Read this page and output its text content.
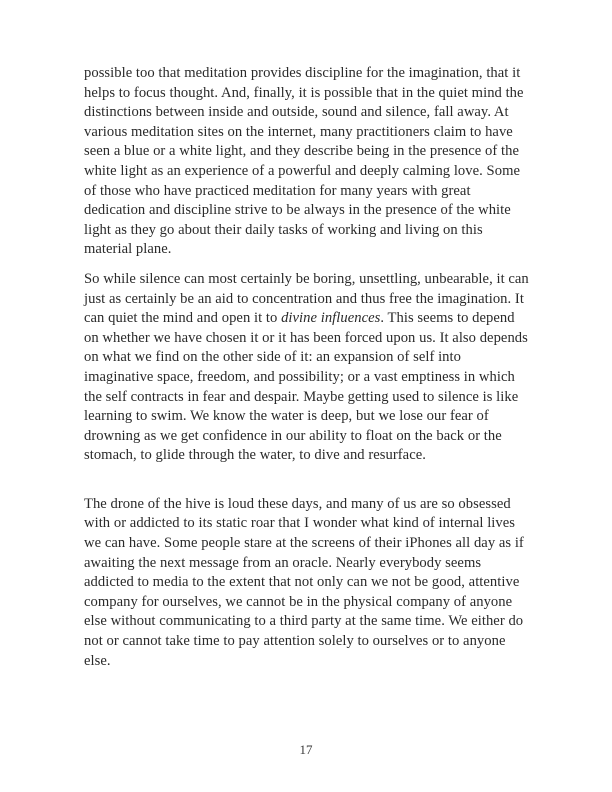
possible too that meditation provides discipline for the imagination, that it helps to focus thought. And, finally, it is possible that in the quiet mind the distinctions between inside and outside, sound and silence, fall away. At various meditation sites on the internet, many practitioners claim to have seen a blue or a white light, and they describe being in the presence of the white light as an experience of a powerful and deeply calming love. Some of those who have practiced meditation for many years with great dedication and discipline strive to be always in the presence of the white light as they go about their daily tasks of working and living on this material plane.

So while silence can most certainly be boring, unsettling, unbearable, it can just as certainly be an aid to concentration and thus free the imagination. It can quiet the mind and open it to divine influences. This seems to depend on whether we have chosen it or it has been forced upon us. It also depends on what we find on the other side of it: an expansion of self into imaginative space, freedom, and possibility; or a vast emptiness in which the self contracts in fear and despair. Maybe getting used to silence is like learning to swim. We know the water is deep, but we lose our fear of drowning as we get confidence in our ability to float on the back or the stomach, to glide through the water, to dive and resurface.

The drone of the hive is loud these days, and many of us are so obsessed with or addicted to its static roar that I wonder what kind of internal lives we can have. Some people stare at the screens of their iPhones all day as if awaiting the next message from an oracle. Nearly everybody seems addicted to media to the extent that not only can we not be good, attentive company for ourselves, we cannot be in the physical company of anyone else without communicating to a third party at the same time. We either do not or cannot take time to pay attention solely to ourselves or to anyone else.

17
